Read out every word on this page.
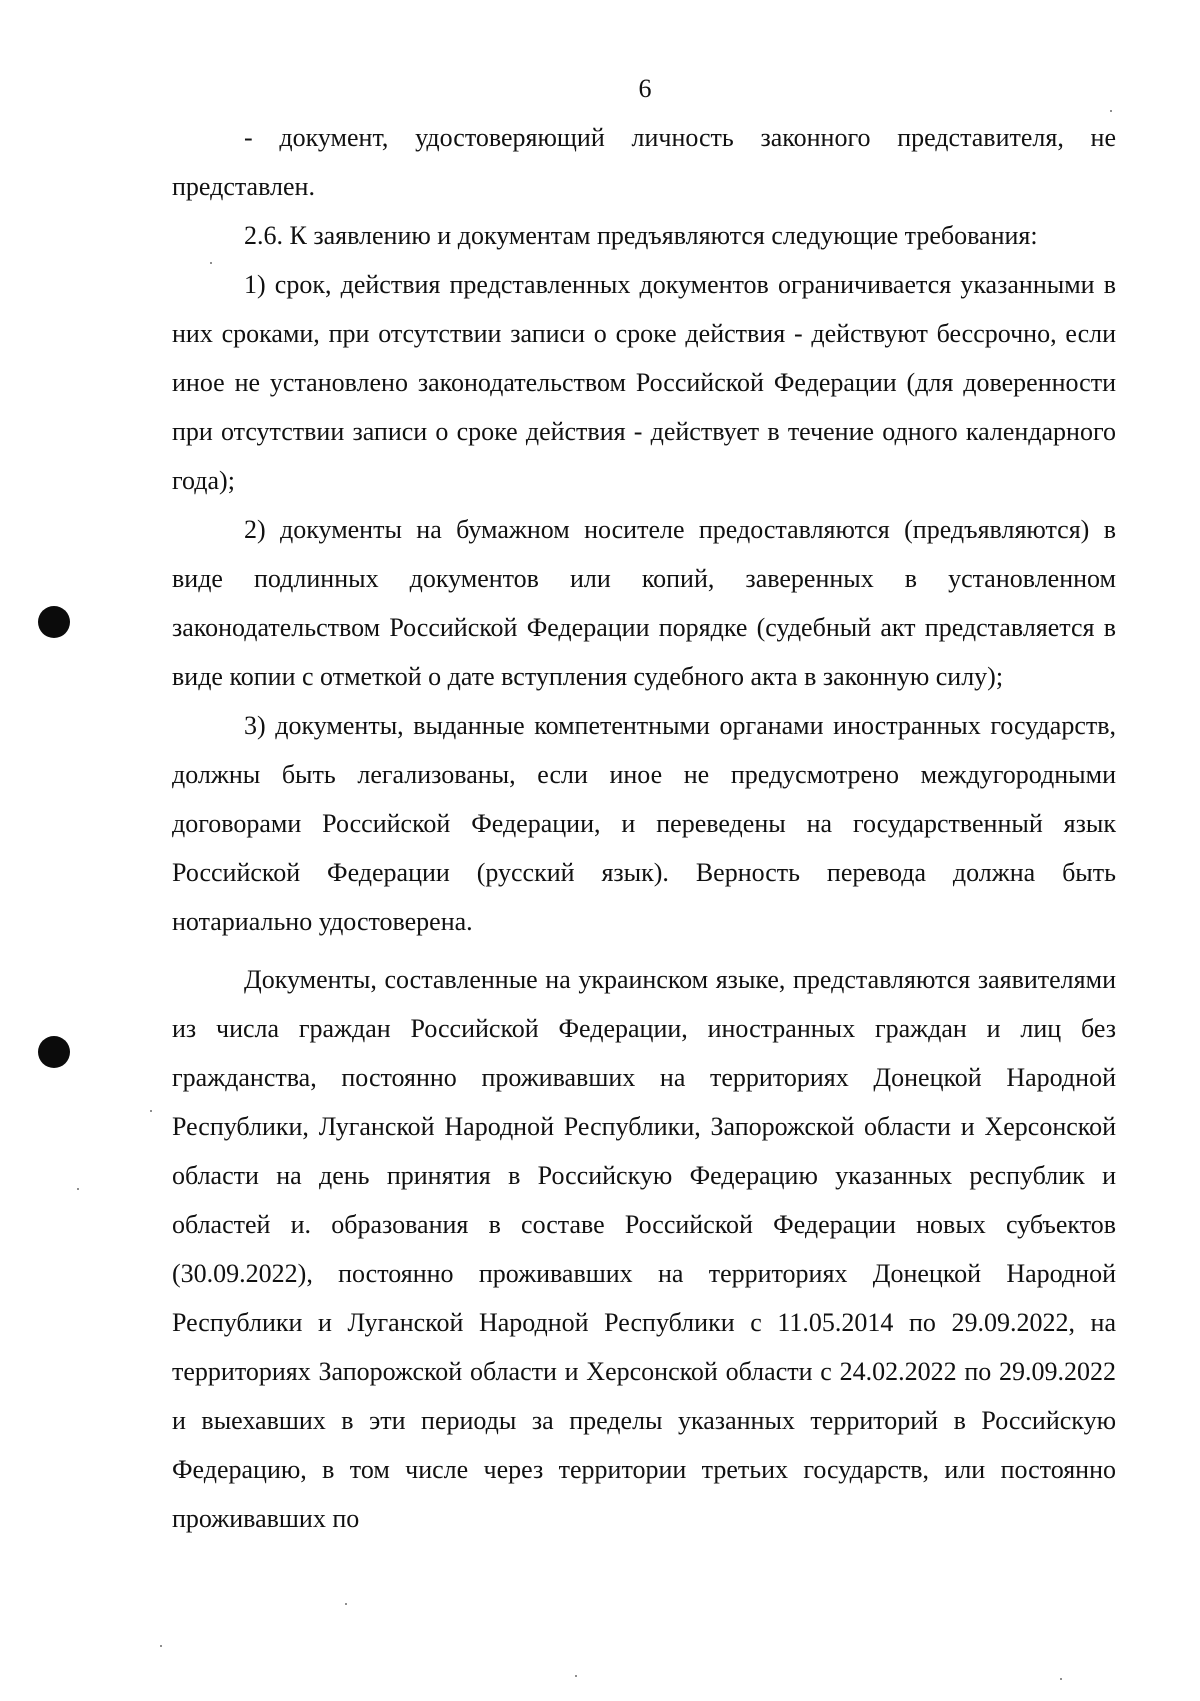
6

- документ, удостоверяющий личность законного представителя, не представлен.

2.6. К заявлению и документам предъявляются следующие требования:

1) срок, действия представленных документов ограничивается указанными в них сроками, при отсутствии записи о сроке действия - действуют бессрочно, если иное не установлено законодательством Российской Федерации (для доверенности при отсутствии записи о сроке действия - действует в течение одного календарного года);

2) документы на бумажном носителе предоставляются (предъявляются) в виде подлинных документов или копий, заверенных в установленном законодательством Российской Федерации порядке (судебный акт представляется в виде копии с отметкой о дате вступления судебного акта в законную силу);

3) документы, выданные компетентными органами иностранных государств, должны быть легализованы, если иное не предусмотрено междугородными договорами Российской Федерации, и переведены на государственный язык Российской Федерации (русский язык). Верность перевода должна быть нотариально удостоверена.

Документы, составленные на украинском языке, представляются заявителями из числа граждан Российской Федерации, иностранных граждан и лиц без гражданства, постоянно проживавших на территориях Донецкой Народной Республики, Луганской Народной Республики, Запорожской области и Херсонской области на день принятия в Российскую Федерацию указанных республик и областей и. образования в составе Российской Федерации новых субъектов (30.09.2022), постоянно проживавших на территориях Донецкой Народной Республики и Луганской Народной Республики с 11.05.2014 по 29.09.2022, на территориях Запорожской области и Херсонской области с 24.02.2022 по 29.09.2022 и выехавших в эти периоды за пределы указанных территорий в Российскую Федерацию, в том числе через территории третьих государств, или постоянно проживавших по
